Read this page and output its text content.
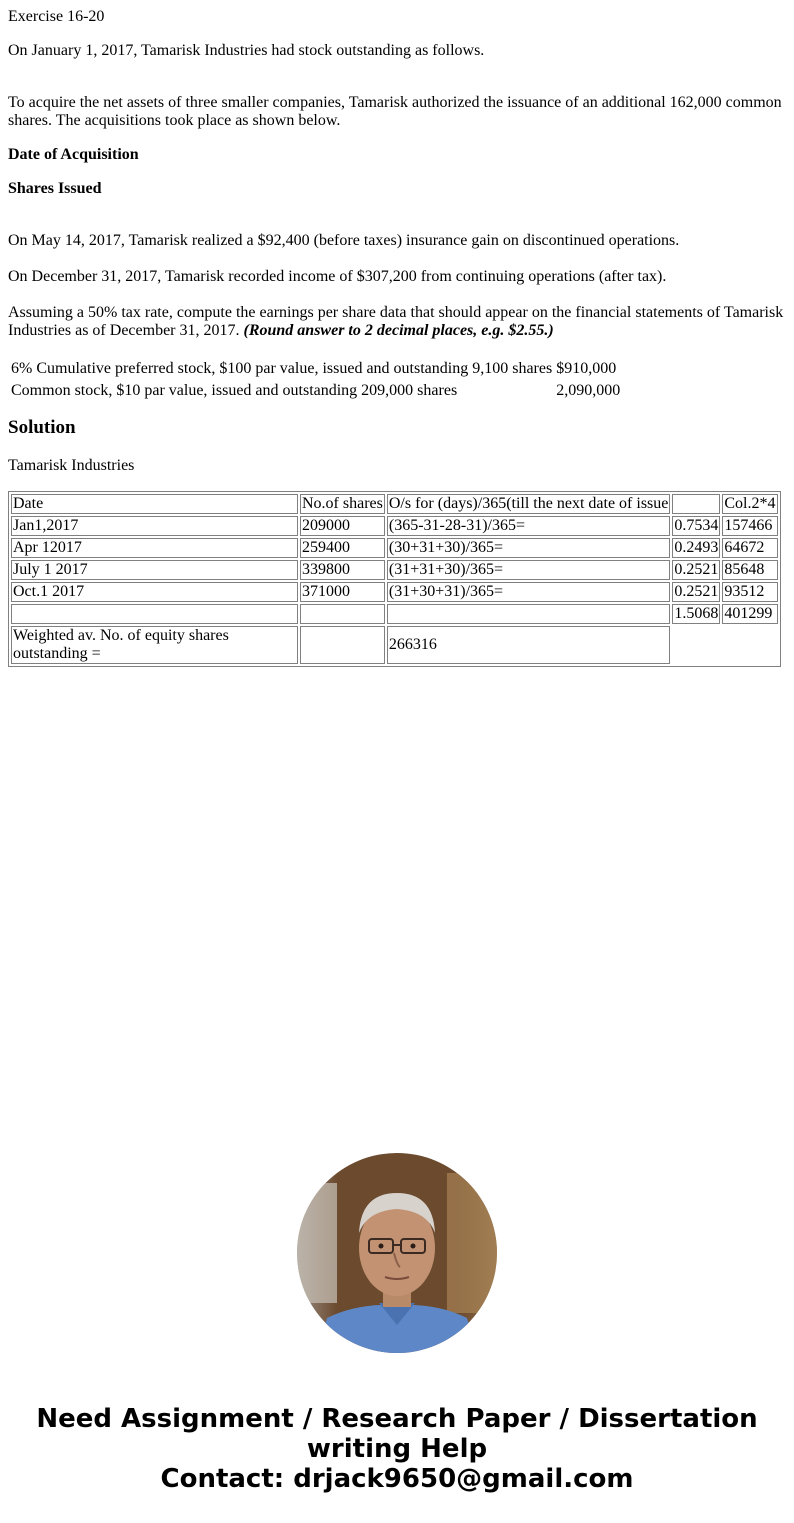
Exercise 16-20

On January 1, 2017, Tamarisk Industries had stock outstanding as follows.

To acquire the net assets of three smaller companies, Tamarisk authorized the issuance of an additional 162,000 common shares. The acquisitions took place as shown below.

Date of Acquisition

Shares Issued

On May 14, 2017, Tamarisk realized a $92,400 (before taxes) insurance gain on discontinued operations.

On December 31, 2017, Tamarisk recorded income of $307,200 from continuing operations (after tax).

Assuming a 50% tax rate, compute the earnings per share data that should appear on the financial statements of Tamarisk Industries as of December 31, 2017. (Round answer to 2 decimal places, e.g. $2.55.)

6% Cumulative preferred stock, $100 par value, issued and outstanding 9,100 shares	$910,000
Common stock, $10 par value, issued and outstanding 209,000 shares	2,090,000
Solution

Tamarisk Industries

Date	No.of shares	O/s for (days)/365(till the next date of issue		Col.2*4
Jan1,2017	209000	(365-31-28-31)/365=	0.7534	157466
Apr 12017	259400	(30+31+30)/365=	0.2493	64672
July 1 2017	339800	(31+31+30)/365=	0.2521	85648
Oct.1 2017	371000	(31+30+31)/365=	0.2521	93512
			1.5068	401299
Weighted av. No. of equity shares outstanding =		266316		
Need Assignment / Research Paper / Dissertation
writing Help
Contact: drjack9650@gmail.com
